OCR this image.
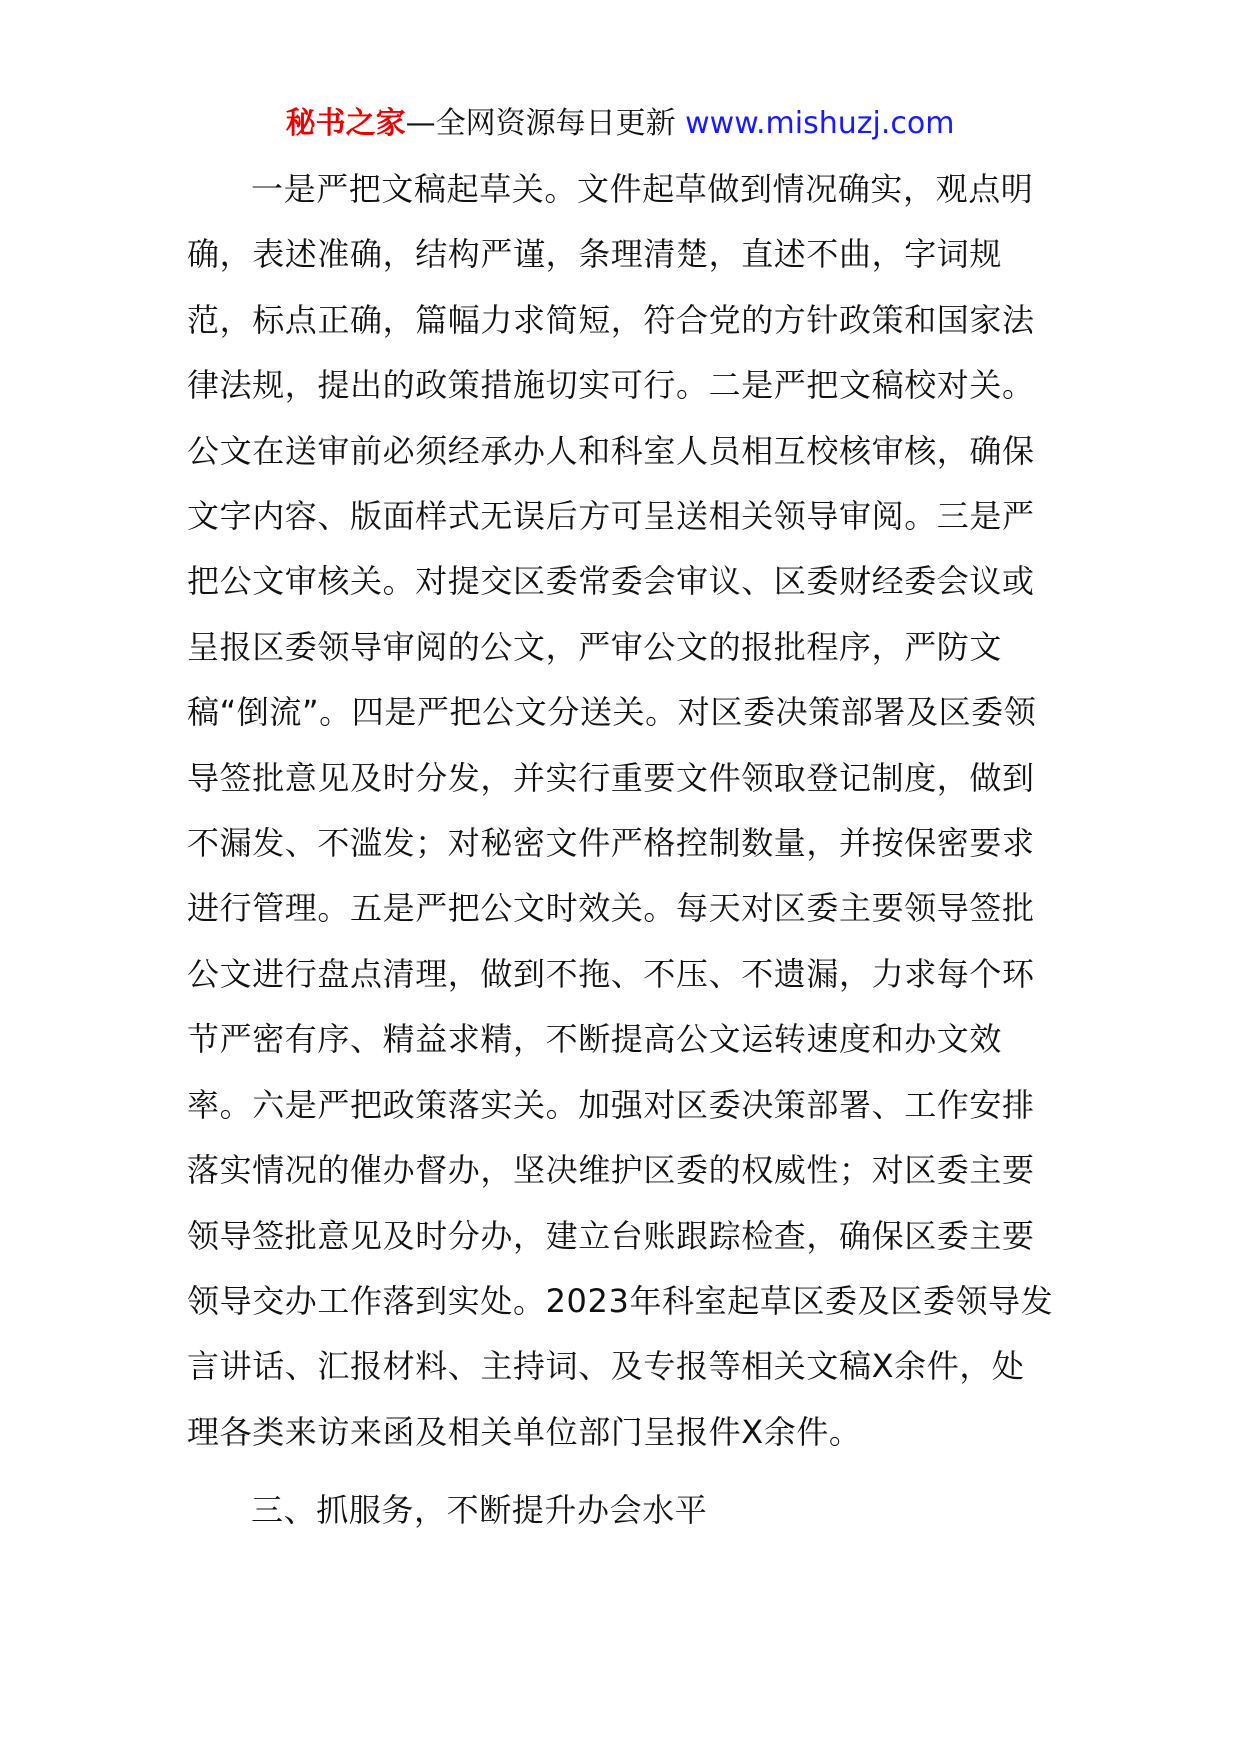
秘书之家—全网资源每日更新 www.mishuzj.com

一是严把文稿起草关。文件起草做到情况确实，观点明确，表述准确，结构严谨，条理清楚，直述不曲，字词规范，标点正确，篇幅力求简短，符合党的方针政策和国家法律法规，提出的政策措施切实可行。二是严把文稿校对关。公文在送审前必须经承办人和科室人员相互校核审核，确保文字内容、版面样式无误后方可呈送相关领导审阅。三是严把公文审核关。对提交区委常委会审议、区委财经委会议或呈报区委领导审阅的公文，严审公文的报批程序，严防文稿“倒流”。四是严把公文分送关。对区委决策部署及区委领导签批意见及时分发，并实行重要文件领取登记制度，做到不漏发、不滥发；对秘密文件严格控制数量，并按保密要求进行管理。五是严把公文时效关。每天对区委主要领导签批公文进行盘点清理，做到不拖、不压、不遗漏，力求每个环节严密有序、精益求精，不断提高公文运转速度和办文效率。六是严把政策落实关。加强对区委决策部署、工作安排落实情况的催办督办，坚决维护区委的权威性；对区委主要领导签批意见及时分办，建立台账跟踪检查，确保区委主要领导交办工作落到实处。2023年科室起草区委及区委领导发言讲话、汇报材料、主持词、及专报等相关文稿X余件，处理各类来访来函及相关单位部门呈报件X余件。

三、抓服务，不断提升办会水平
